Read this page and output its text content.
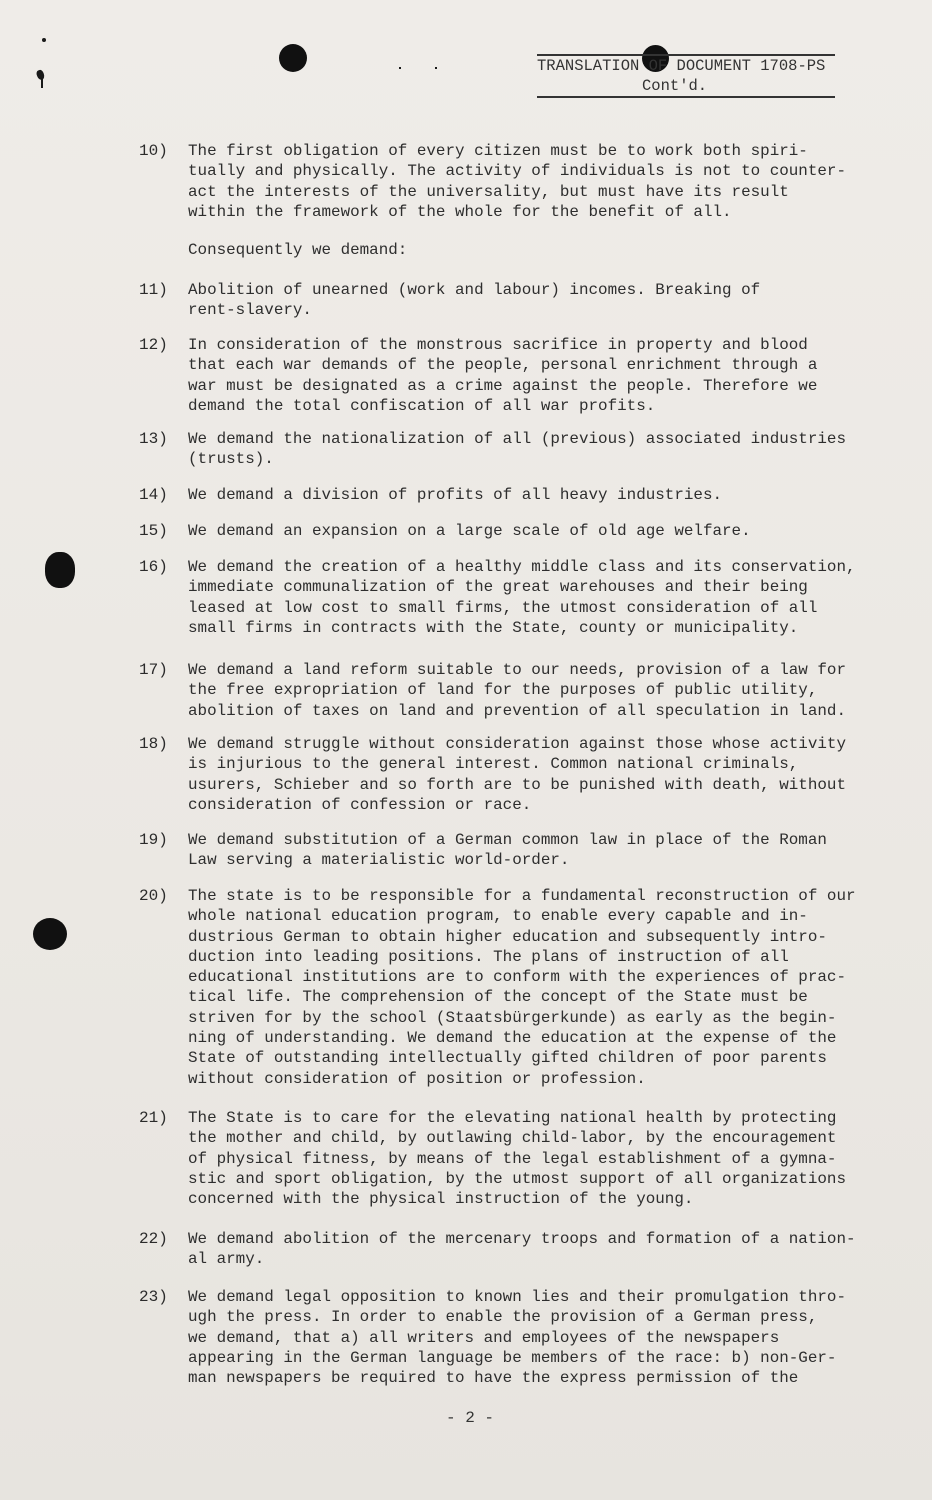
TRANSLATION OF DOCUMENT 1708-PS
Cont'd.
10)	The first obligation of every citizen must be to work both spiri-
tually and physically. The activity of individuals is not to counter-
act the interests of the universality, but must have its result
within the framework of the whole for the benefit of all.
Consequently we demand:
11)	Abolition of unearned (work and labour) incomes. Breaking of
rent-slavery.
12)	In consideration of the monstrous sacrifice in property and blood
that each war demands of the people, personal enrichment through a
war must be designated as a crime against the people. Therefore we
demand the total confiscation of all war profits.
13)	We demand the nationalization of all (previous) associated industries
(trusts).
14)	We demand a division of profits of all heavy industries.
15)	We demand an expansion on a large scale of old age welfare.
16)	We demand the creation of a healthy middle class and its conservation,
immediate communalization of the great warehouses and their being
leased at low cost to small firms, the utmost consideration of all
small firms in contracts with the State, county or municipality.
17)	We demand a land reform suitable to our needs, provision of a law for
the free expropriation of land for the purposes of public utility,
abolition of taxes on land and prevention of all speculation in land.
18)	We demand struggle without consideration against those whose activity
is injurious to the general interest. Common national criminals,
usurers, Schieber and so forth are to be punished with death, without
consideration of confession or race.
19)	We demand substitution of a German common law in place of the Roman
Law serving a materialistic world-order.
20)	The state is to be responsible for a fundamental reconstruction of our
whole national education program, to enable every capable and in-
dustrious German to obtain higher education and subsequently intro-
duction into leading positions. The plans of instruction of all
educational institutions are to conform with the experiences of prac-
tical life. The comprehension of the concept of the State must be
striven for by the school (Staatsbürgerkunde) as early as the begin-
ning of understanding. We demand the education at the expense of the
State of outstanding intellectually gifted children of poor parents
without consideration of position or profession.
21)	The State is to care for the elevating national health by protecting
the mother and child, by outlawing child-labor, by the encouragement
of physical fitness, by means of the legal establishment of a gymna-
stic and sport obligation, by the utmost support of all organizations
concerned with the physical instruction of the young.
22)	We demand abolition of the mercenary troops and formation of a nation-
al army.
23)	We demand legal opposition to known lies and their promulgation thro-
ugh the press. In order to enable the provision of a German press,
we demand, that a) all writers and employees of the newspapers
appearing in the German language be members of the race: b) non-Ger-
man newspapers be required to have the express permission of the
- 2 -
